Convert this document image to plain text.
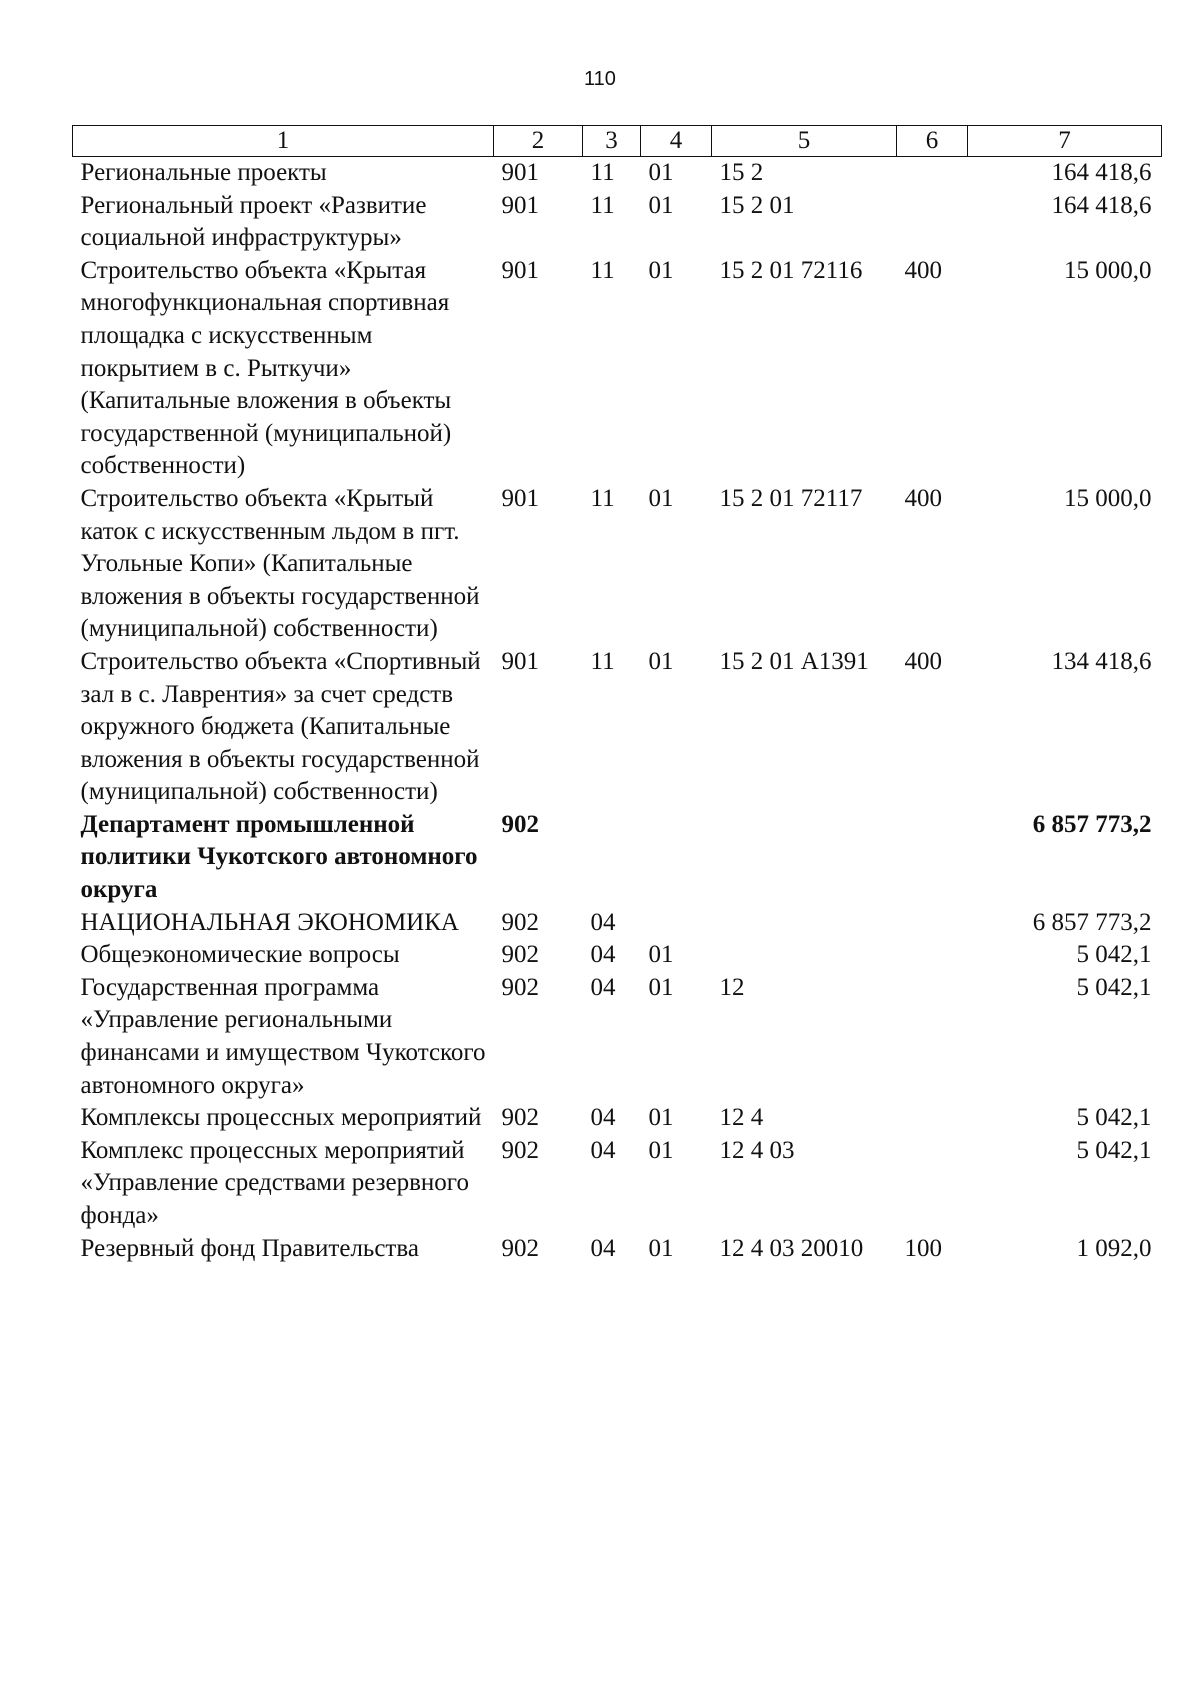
110
1	2	3	4	5	6	7
Региональные проекты	901	11	01	15 2		164 418,6
Региональный проект «Развитие социальной инфраструктуры»	901	11	01	15 2 01		164 418,6
Строительство объекта «Крытая многофункциональная спортивная площадка с искусственным покрытием в с. Рыткучи» (Капитальные вложения в объекты государственной (муниципальной) собственности)	901	11	01	15 2 01 72116	400	15 000,0
Строительство объекта «Крытый каток с искусственным льдом в пгт. Угольные Копи» (Капитальные вложения в объекты государственной (муниципальной) собственности)	901	11	01	15 2 01 72117	400	15 000,0
Строительство объекта «Спортивный зал в с. Лаврентия» за счет средств окружного бюджета (Капитальные вложения в объекты государственной (муниципальной) собственности)	901	11	01	15 2 01 А1391	400	134 418,6
Департамент промышленной политики Чукотского автономного округа	902					6 857 773,2
НАЦИОНАЛЬНАЯ ЭКОНОМИКА	902	04				6 857 773,2
Общеэкономические вопросы	902	04	01			5 042,1
Государственная программа «Управление региональными финансами и имуществом Чукотского автономного округа»	902	04	01	12		5 042,1
Комплексы процессных мероприятий	902	04	01	12 4		5 042,1
Комплекс процессных мероприятий «Управление средствами резервного фонда»	902	04	01	12 4 03		5 042,1
Резервный фонд Правительства	902	04	01	12 4 03 20010	100	1 092,0
